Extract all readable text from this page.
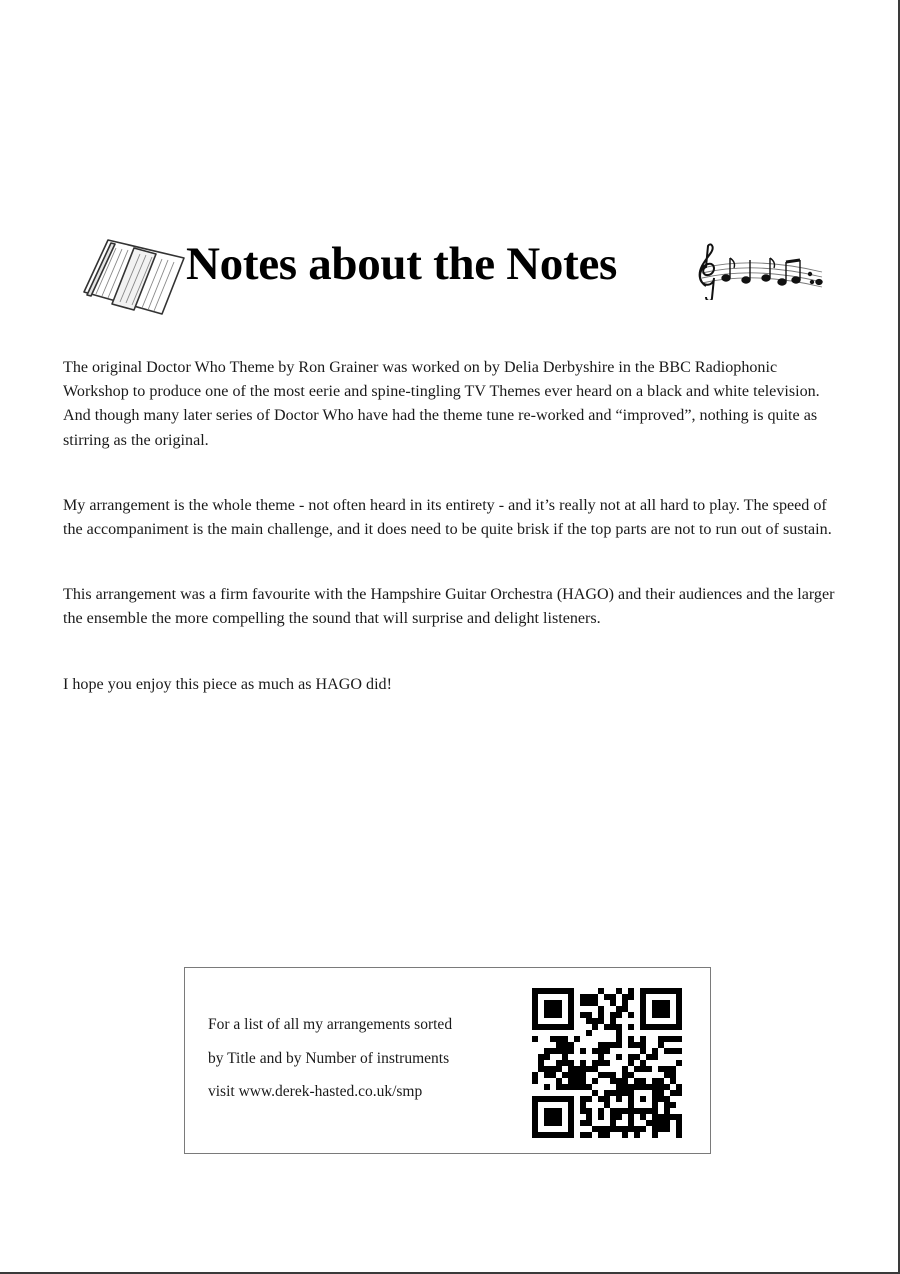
Notes about the Notes

The original Doctor Who Theme by Ron Grainer was worked on by Delia Derbyshire in the BBC Radiophonic Workshop to produce one of the most eerie and spine-tingling TV Themes ever heard on a black and white television. And though many later series of Doctor Who have had the theme tune re-worked and “improved”, nothing is quite as stirring as the original.

My arrangement is the whole theme - not often heard in its entirety - and it’s really not at all hard to play. The speed of the accompaniment is the main challenge, and it does need to be quite brisk if the top parts are not to run out of sustain.

This arrangement was a firm favourite with the Hampshire Guitar Orchestra (HAGO) and their audiences and the larger the ensemble the more compelling the sound that will surprise and delight listeners.

I hope you enjoy this piece as much as HAGO did!

For a list of all my arrangements sorted
by Title and by Number of instruments
visit www.derek-hasted.co.uk/smp
